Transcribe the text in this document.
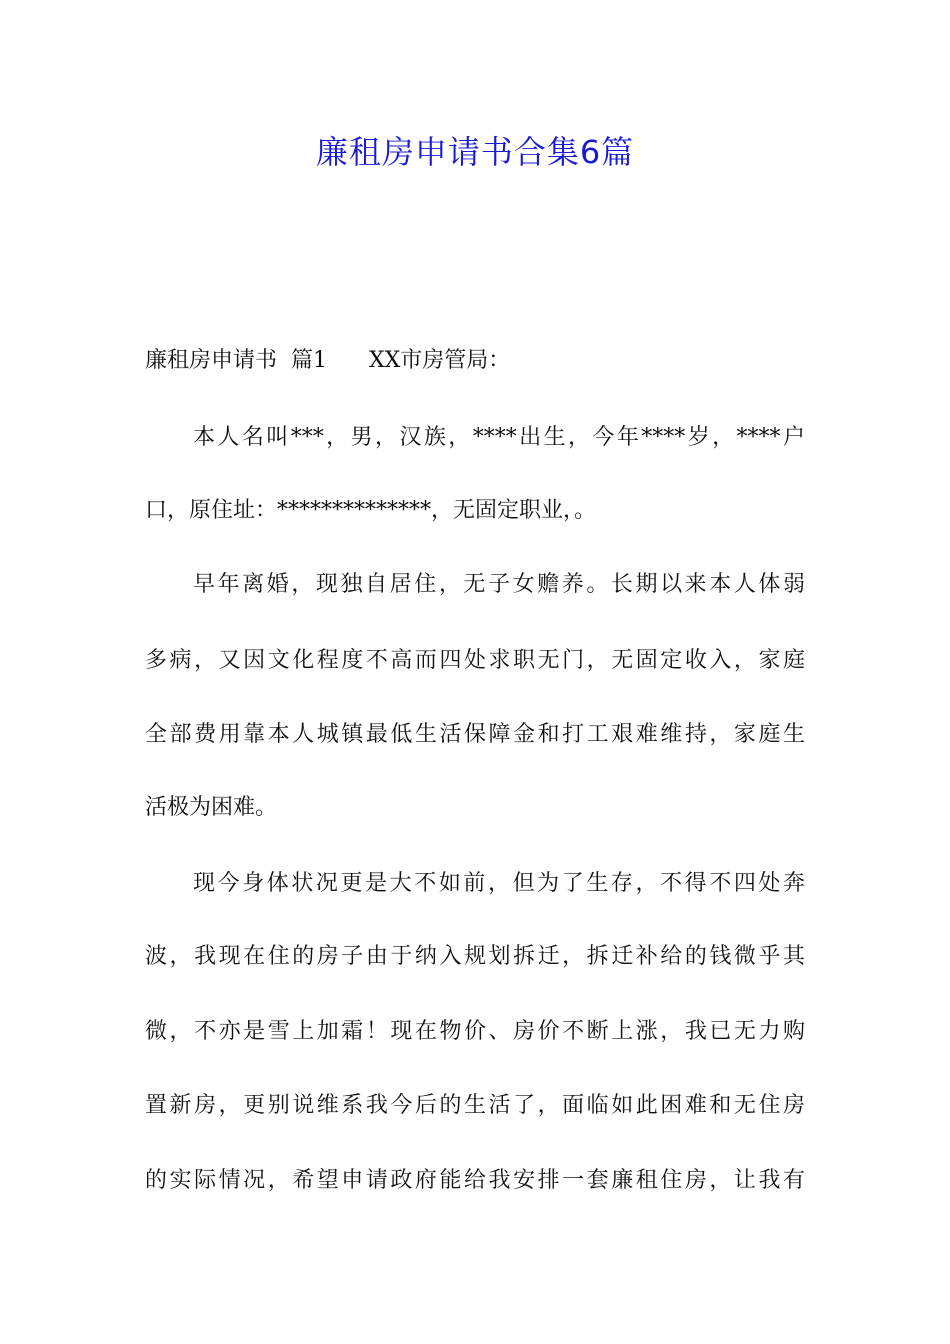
廉租房申请书合集6篇
廉租房申请书  篇1 XX市房管局：
本人名叫***，男，汉族，****出生，今年****岁，****户
口，原住址：**************，无固定职业，。
早年离婚，现独自居住，无子女赡养。长期以来本人体弱
多病，又因文化程度不高而四处求职无门，无固定收入，家庭
全部费用靠本人城镇最低生活保障金和打工艰难维持，家庭生
活极为困难。
现今身体状况更是大不如前，但为了生存，不得不四处奔
波，我现在住的房子由于纳入规划拆迁，拆迁补给的钱微乎其
微，不亦是雪上加霜！现在物价、房价不断上涨，我已无力购
置新房，更别说维系我今后的生活了，面临如此困难和无住房
的实际情况，希望申请政府能给我安排一套廉租住房，让我有
